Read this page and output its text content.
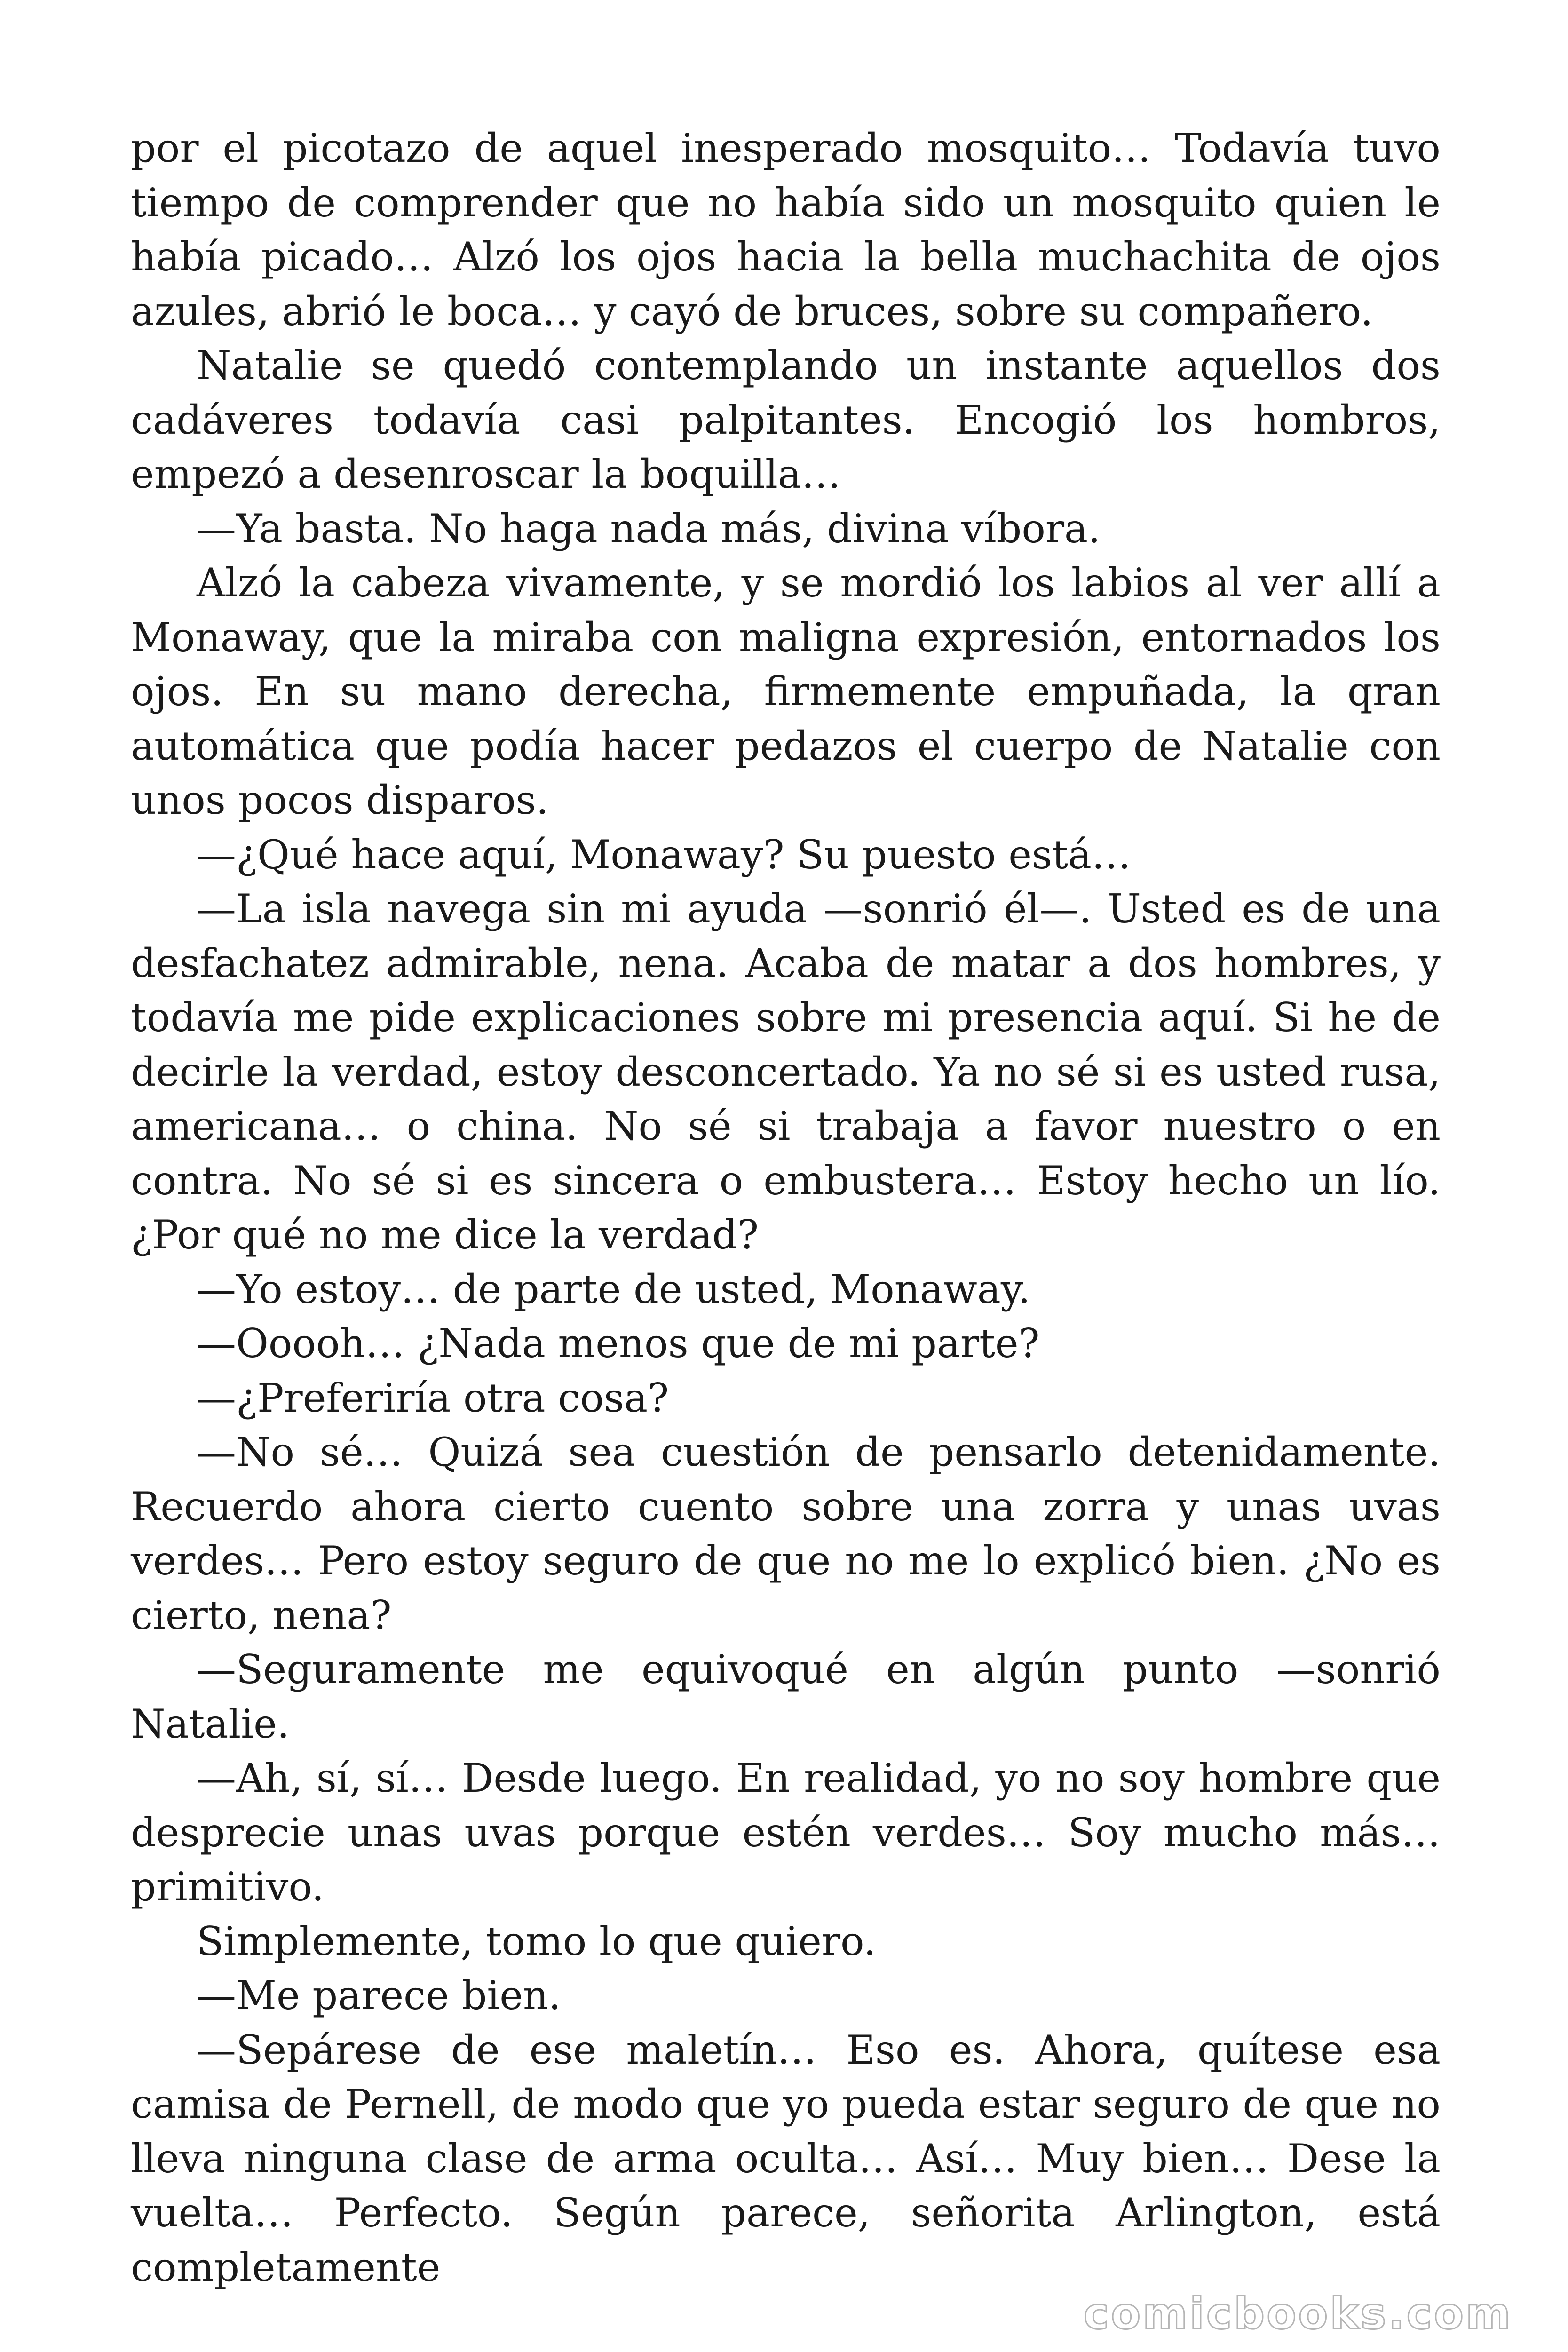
por el picotazo de aquel inesperado mosquito… Todavía tuvo tiempo de comprender que no había sido un mosquito quien le había picado… Alzó los ojos hacia la bella muchachita de ojos azules, abrió le boca… y cayó de bruces, sobre su compañero.

Natalie se quedó contemplando un instante aquellos dos cadáveres todavía casi palpitantes. Encogió los hombros, empezó a desenroscar la boquilla…

—Ya basta. No haga nada más, divina víbora.

Alzó la cabeza vivamente, y se mordió los labios al ver allí a Monaway, que la miraba con maligna expresión, entornados los ojos. En su mano derecha, firmemente empuñada, la qran automática que podía hacer pedazos el cuerpo de Natalie con unos pocos disparos.

—¿Qué hace aquí, Monaway? Su puesto está…

—La isla navega sin mi ayuda —sonrió él—. Usted es de una desfachatez admirable, nena. Acaba de matar a dos hombres, y todavía me pide explicaciones sobre mi presencia aquí. Si he de decirle la verdad, estoy desconcertado. Ya no sé si es usted rusa, americana… o china. No sé si trabaja a favor nuestro o en contra. No sé si es sincera o embustera… Estoy hecho un lío. ¿Por qué no me dice la verdad?

—Yo estoy… de parte de usted, Monaway.

—Ooooh… ¿Nada menos que de mi parte?

—¿Preferiría otra cosa?

—No sé… Quizá sea cuestión de pensarlo detenidamente. Recuerdo ahora cierto cuento sobre una zorra y unas uvas verdes… Pero estoy seguro de que no me lo explicó bien. ¿No es cierto, nena?

—Seguramente me equivoqué en algún punto —sonrió Natalie.

—Ah, sí, sí… Desde luego. En realidad, yo no soy hombre que desprecie unas uvas porque estén verdes… Soy mucho más… primitivo.

Simplemente, tomo lo que quiero.

—Me parece bien.

—Sepárese de ese maletín… Eso es. Ahora, quítese esa camisa de Pernell, de modo que yo pueda estar seguro de que no lleva ninguna clase de arma oculta… Así… Muy bien… Dese la vuelta… Perfecto. Según parece, señorita Arlington, está completamente

comicbooks.com
